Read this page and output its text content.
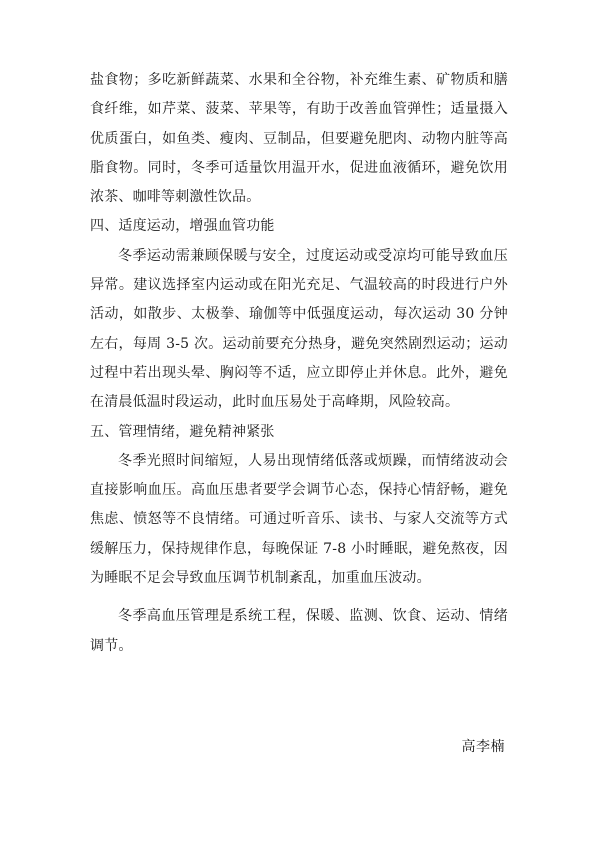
盐食物；多吃新鲜蔬菜、水果和全谷物，补充维生素、矿物质和膳食纤维，如芹菜、菠菜、苹果等，有助于改善血管弹性；适量摄入优质蛋白，如鱼类、瘦肉、豆制品，但要避免肥肉、动物内脏等高脂食物。同时，冬季可适量饮用温开水，促进血液循环，避免饮用浓茶、咖啡等刺激性饮品。

四、适度运动，增强血管功能

冬季运动需兼顾保暖与安全，过度运动或受凉均可能导致血压异常。建议选择室内运动或在阳光充足、气温较高的时段进行户外活动，如散步、太极拳、瑜伽等中低强度运动，每次运动 30 分钟左右，每周 3-5 次。运动前要充分热身，避免突然剧烈运动；运动过程中若出现头晕、胸闷等不适，应立即停止并休息。此外，避免在清晨低温时段运动，此时血压易处于高峰期，风险较高。

五、管理情绪，避免精神紧张

冬季光照时间缩短，人易出现情绪低落或烦躁，而情绪波动会直接影响血压。高血压患者要学会调节心态，保持心情舒畅，避免焦虑、愤怒等不良情绪。可通过听音乐、读书、与家人交流等方式缓解压力，保持规律作息，每晚保证 7-8 小时睡眠，避免熬夜，因为睡眠不足会导致血压调节机制紊乱，加重血压波动。

冬季高血压管理是系统工程，保暖、监测、饮食、运动、情绪调节。

高李楠
